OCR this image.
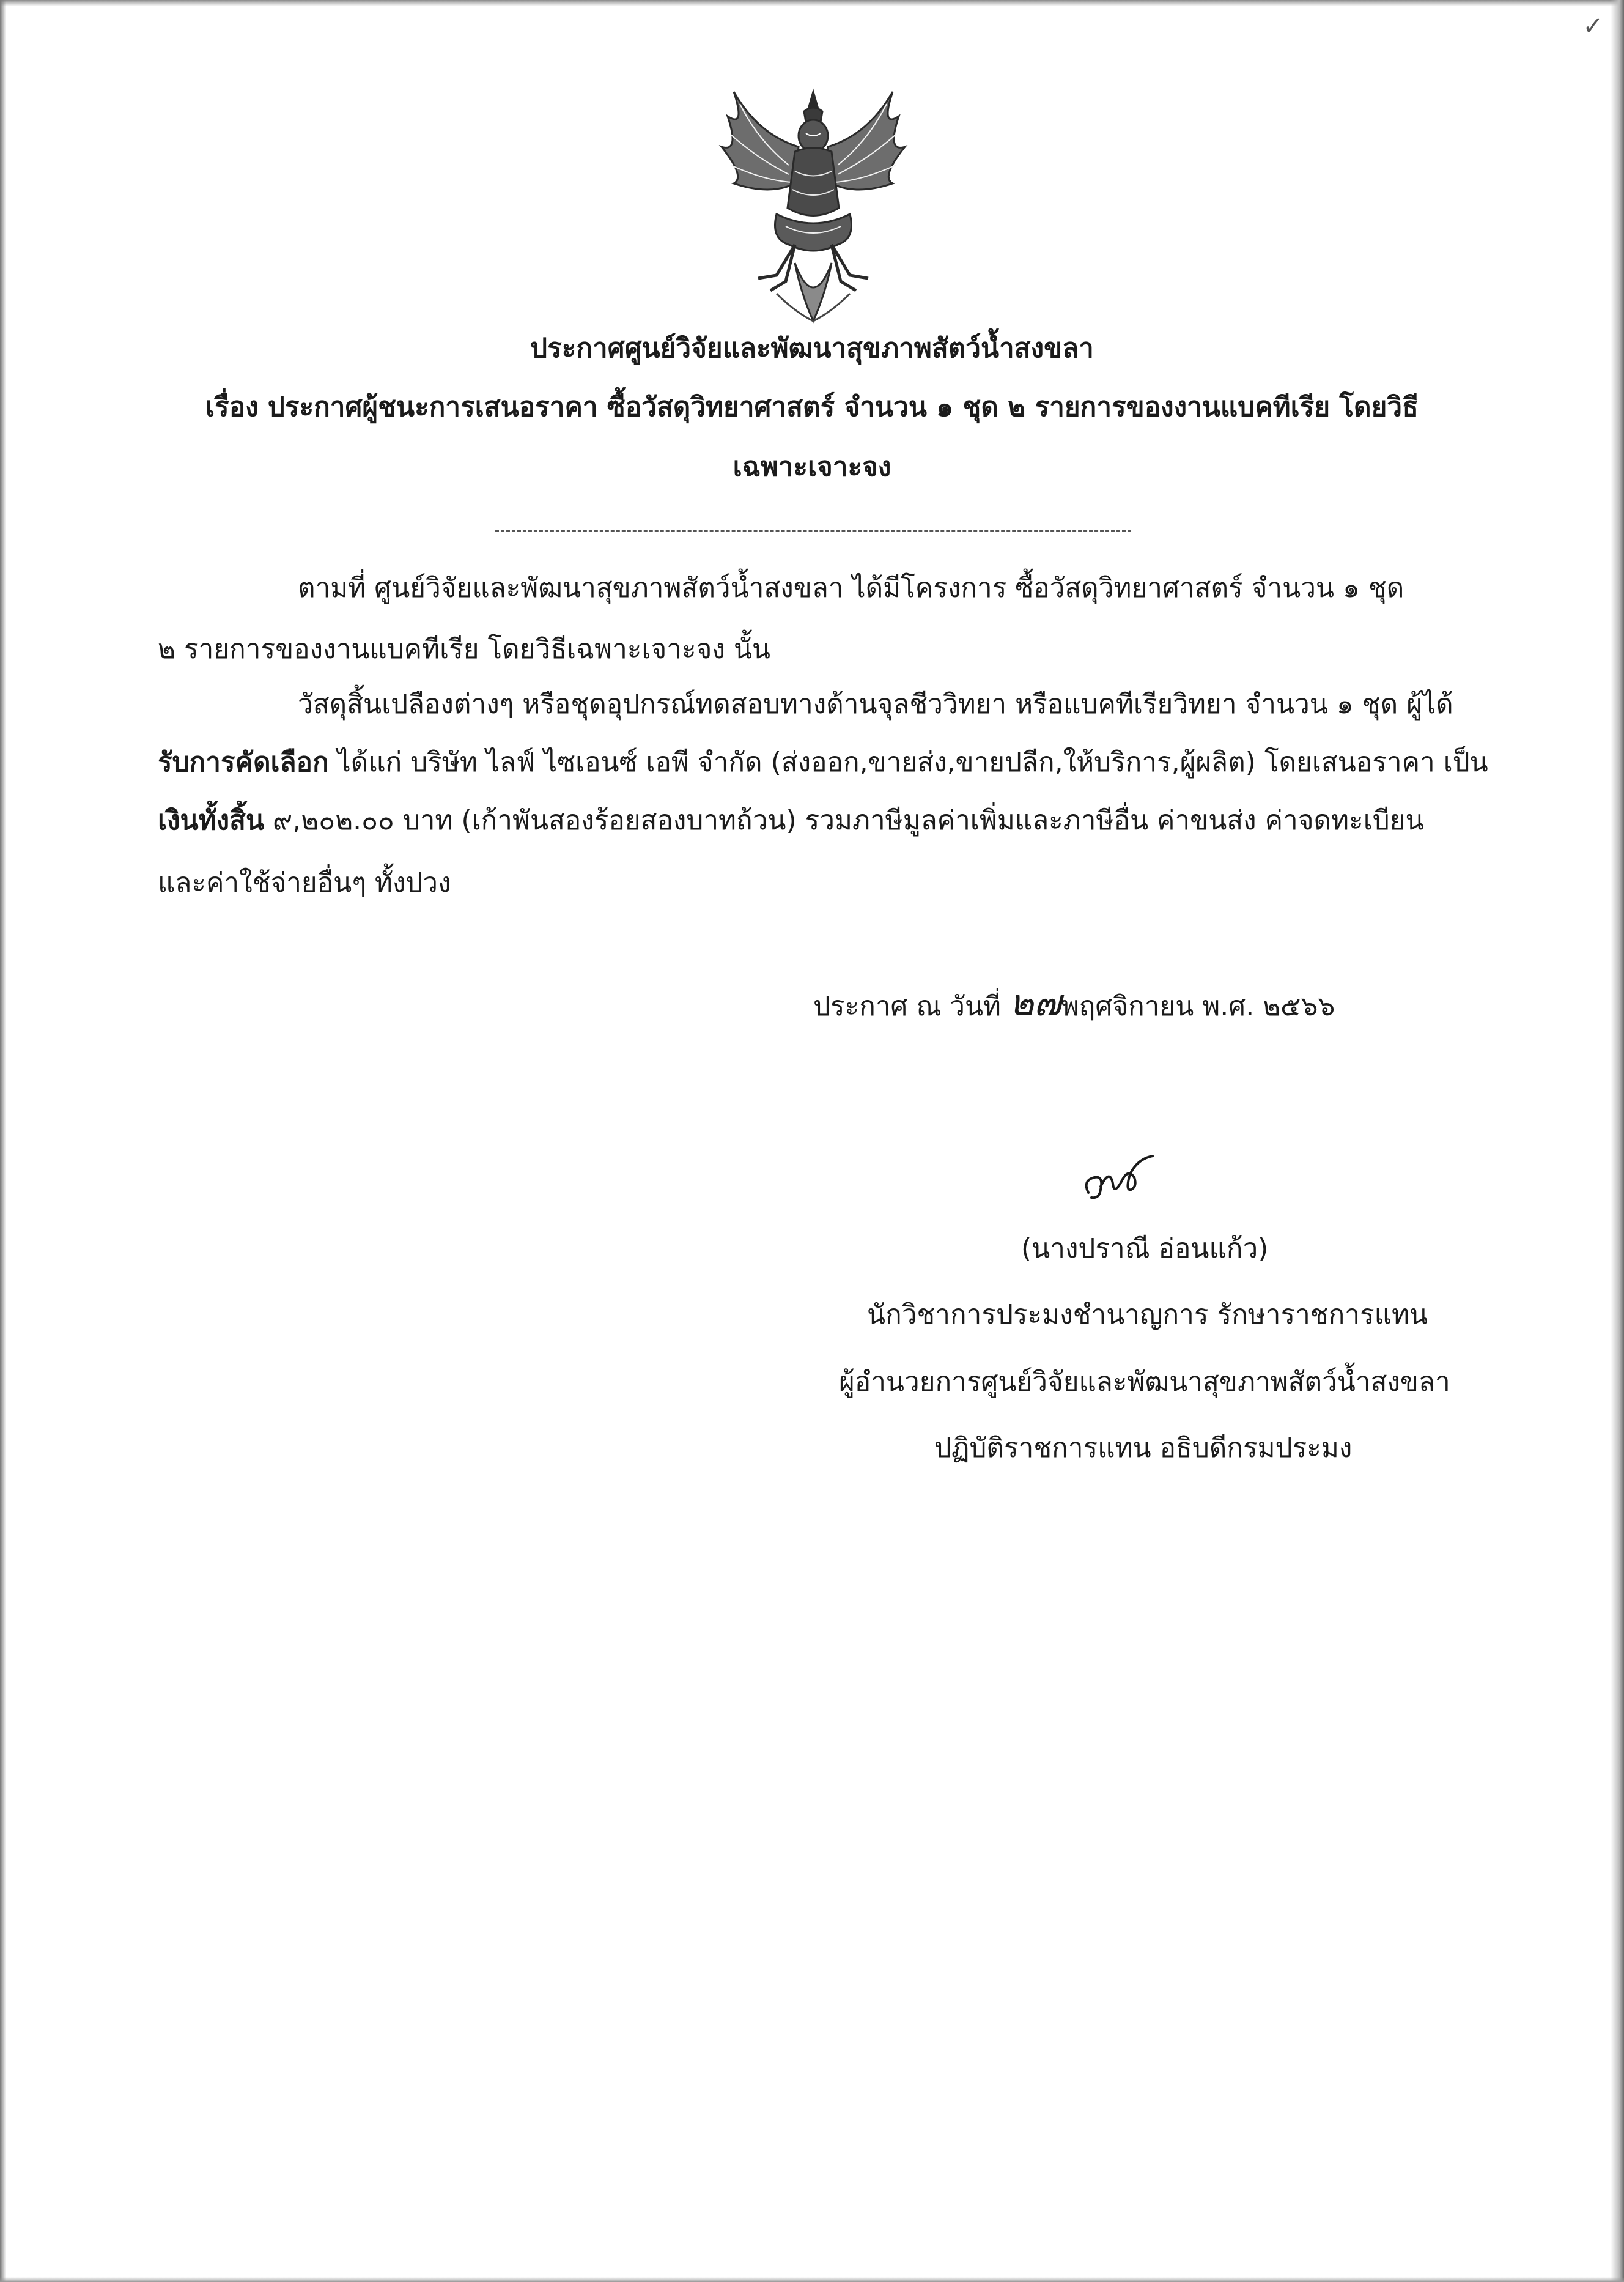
✓
ประกาศศูนย์วิจัยและพัฒนาสุขภาพสัตว์น้ำสงขลา
เรื่อง ประกาศผู้ชนะการเสนอราคา ซื้อวัสดุวิทยาศาสตร์ จำนวน ๑ ชุด ๒ รายการของงานแบคทีเรีย โดยวิธี
เฉพาะเจาะจง
ตามที่ ศูนย์วิจัยและพัฒนาสุขภาพสัตว์น้ำสงขลา ได้มีโครงการ ซื้อวัสดุวิทยาศาสตร์ จำนวน ๑ ชุด
๒ รายการของงานแบคทีเรีย โดยวิธีเฉพาะเจาะจง นั้น
วัสดุสิ้นเปลืองต่างๆ หรือชุดอุปกรณ์ทดสอบทางด้านจุลชีววิทยา หรือแบคทีเรียวิทยา จำนวน ๑ ชุด ผู้ได้
รับการคัดเลือก ได้แก่ บริษัท ไลฟ์ ไซเอนซ์ เอพี จำกัด (ส่งออก,ขายส่ง,ขายปลีก,ให้บริการ,ผู้ผลิต) โดยเสนอราคา เป็น
เงินทั้งสิ้น ๙,๒๐๒.๐๐ บาท (เก้าพันสองร้อยสองบาทถ้วน) รวมภาษีมูลค่าเพิ่มและภาษีอื่น ค่าขนส่ง ค่าจดทะเบียน
และค่าใช้จ่ายอื่นๆ ทั้งปวง
ประกาศ ณ วันที่ ๒๗พฤศจิกายน พ.ศ. ๒๕๖๖
(นางปราณี อ่อนแก้ว)
นักวิชาการประมงชำนาญการ รักษาราชการแทน
ผู้อำนวยการศูนย์วิจัยและพัฒนาสุขภาพสัตว์น้ำสงขลา
ปฏิบัติราชการแทน อธิบดีกรมประมง
